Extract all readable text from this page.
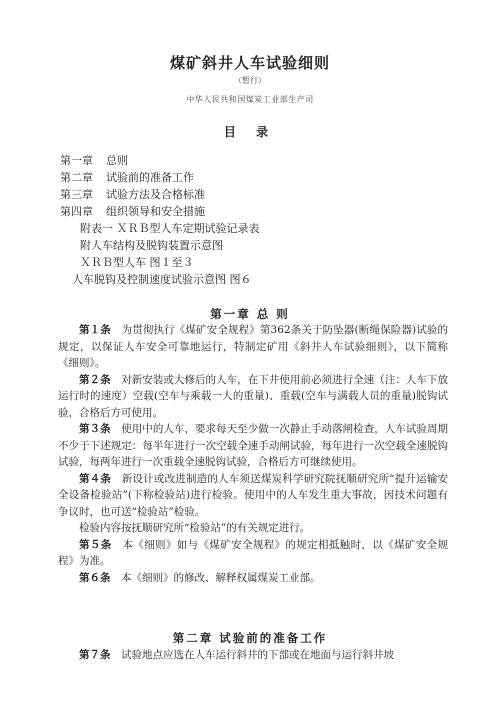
煤矿斜井人车试验细则
（暂行）
中华人民共和国煤炭工业部生产司
目 录
第一章 总则
第二章 试验前的准备工作
第三章 试验方法及合格标准
第四章 组织领导和安全措施
附表一 ＸＲＢ型人车定期试验记录表
附人车结构及脱钩装置示意图
ＸＲＢ型人车 图１至３
人车脱钩及控制速度试验示意图 图６
第一章 总 则

第１条　 为贯彻执行《煤矿安全规程》第362条关于防坠器(断绳保险器)试验的规定，以保证人车安全可靠地运行，特制定矿用《斜井人车试验细则》，以下简称《细则》。

第２条　 对新安装或大修后的人车，在下井使用前必须进行全速（注：人车下放运行时的速度）空载(空车与乘载一人的重量)、重载(空车与满载人员的重量)脱钩试验，合格后方可使用。

第３条　 使用中的人车，要求每天至少做一次静止手动落闸检查，人车试验周期不少于下述规定：每半年进行一次空载全速手动闸试验，每年进行一次空载全速脱钩试验，每两年进行一次重载全速脱钩试验，合格后方可继续使用。

第４条　 新设计或改进制造的人车须送煤炭科学研究院抚顺研究所“提升运输安全设备检验站”(下称检验站)进行检验。使用中的人车发生重大事故，因技术问题有争议时，也可送“检验站”检验。

检验内容按抚顺研究所“检验站”的有关规定进行。

第５条　 本《细则》如与《煤矿安全规程》的规定相抵触时，以《煤矿安全规程》为准。

第６条　 本《细则》的修改、解释权属煤炭工业部。

第二章 试验前的准备工作

第７条　 试验地点应选在人车运行斜井的下部或在地面与运行斜井坡
